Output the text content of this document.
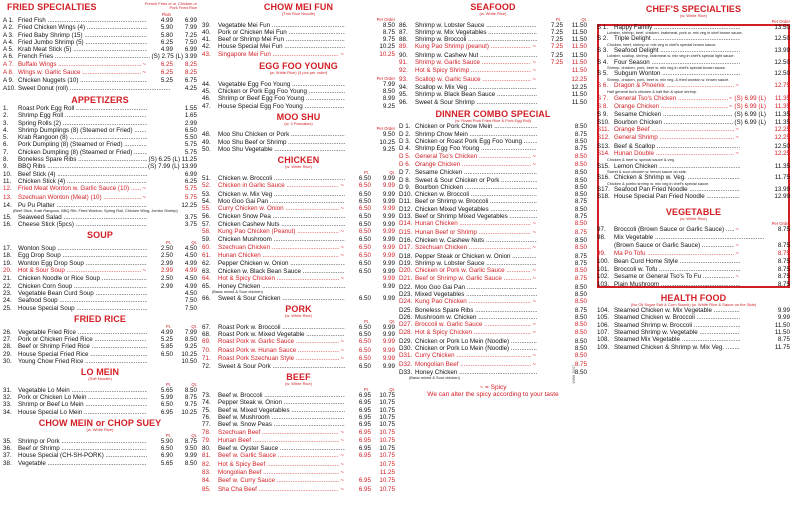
FRIED SPECIALTIES	French Fries or w. Chicken or Pork Fried Rice
Plain
A 1. Fried Fish .....	4.99	6.99
A 2. Fried Chicken Wings (4) .....	5.90	7.99
A 3. Fried Baby Shrimp (15) .....	5.80	7.25
A 4. Fried Jumbo Shrimp (5) .....	6.25	7.50
A 5. Krab Meat Stick (5) .....	4.99	6.99
A 6. French Fries .....	(S) 2.75 (L) 3.99
A 7. Buffalo Wings .....	~	6.25	8.25
A 8. Wings w. Garlic Sauce .....	~	6.25	8.25
A 9. Chicken Nuggets (10) .....	5.25	6.75
A10. Sweet Donut (roll) .....	4.25
APPETIZERS
1.	Roast Pork Egg Roll .....	1.55
2.	Shrimp Egg Roll .....	1.65
3.	Spring Rolls (2) .....	2.99
4.	Shrimp Dumplings (8) (Steamed or Fried) .....	6.50
5.	Krab Rangoon (8) .....	5.50
6.	Pork Dumpling (8) (Steamed or Fried) .....	5.75
7.	Chicken Dumpling (8) (Steamed or Fried) .....	5.75
8.	Boneless Spare Ribs .....	(S) 6.25 (L) 11.25
9.	BBQ Ribs .....	(S) 7.99 (L) 13.99
10.	Beef Stick (4) .....	6.99
11.	Chicken Stick (4) .....	6.25
12.	Fried Meat Wonton w. Garlic Sauce (10) .....	~	5.75
13.	Szechuan Wonton (Meat) (10) .....	~	5.75
14.	Pu Pu Platter .....	12.25
(Beef Stick, Krab Rangoon, BBQ Rib, Fried Wonton, Spring Roll, Chicken Wing, Jumbo Shrimp)
15.	Seaweed Salad .....	3.75
16.	Cheese Stick (5pcs) .....	3.75
SOUP
Pt.	Qt.
17.	Wonton Soup .....	2.50	4.50
18.	Egg Drop Soup .....	2.50	4.50
19.	Wonton Egg Drop Soup .....	2.99	4.99
20.	Hot & Sour Soup .....	~	2.99	4.99
21.	Chicken Noodle or Rice Soup .....	2.50	4.50
22.	Chicken Corn Soup .....	2.99	4.99
23.	Vegetable Bean Curd Soup .....	4.50
24.	Seafood Soup .....	7.50
25.	House Special Soup .....	7.50
FRIED RICE
Pt.	Qt.
26.	Vegetable Fried Rice .....	4.99	7.99
27.	Pork or Chicken Fried Rice .....	5.25	8.50
28.	Beef or Shrimp Fried Rice .....	5.85	9.25
29.	House Special Fried Rice .....	6.50	10.25
30.	Young Chow Fried Rice .....	10.50
LO MEIN
(Soft Noodle)
Pt.	Qt.
31.	Vegetable Lo Mein .....	5.65	8.50
32.	Pork or Chicken Lo Mein .....	5.99	8.75
33.	Shrimp or Beef Lo Mein .....	6.50	9.75
34.	House Special Lo Mein .....	6.95	10.25
CHOW MEIN or CHOP SUEY
(w. White Rice)
Pt.	Qt.
35.	Shrimp or Pork .....	5.90	8.75
36.	Beef or Shrimp .....	6.50	9.50
37.	House Special (CH-SH-PORK) .....	6.90	9.99
38.	Vegetable .....	5.65	8.50
CHOW MEI FUN
(Thin Rice Noodle)
Per Order
39.	Vegetable Mei Fun .....	8.50
40.	Pork or Chicken Mei Fun .....	8.75
41.	Beef or Shrimp Mei Fun .....	9.75
42.	House Special Mei Fun .....	10.25
43.	Singapore Mei Fun .....	~	10.25
EGG FOO YOUNG
(w. White Rice) (3 pcs per order)
Per Order
44.	Vegetable Egg Foo Young .....	7.99
45.	Chicken or Pork Egg Foo Young .....	8.50
46.	Shrimp or Beef Egg Foo Young .....	8.99
47.	House Special Egg Foo Young .....	9.25
MOO SHU
(w. 4 Pancakes)
Per Order
48.	Moo Shu Chicken or Pork .....	9.50
49.	Moo Shu Beef or Shrimp .....	10.25
50.	Moo Shu Vegetable .....	9.25
CHICKEN
(w. White Rice)
Pt.	Qt.
51.	Chicken w. Broccoli .....	6.50	9.99
52.	Chicken in Garlic Sauce .....	~	6.50	9.99
53.	Chicken w. Mix Veg .....	6.50	9.99
54.	Moo Goo Gai Pan .....	6.50	9.99
55.	Curry Chicken w. Onion .....	~	6.50	9.99
56.	Chicken Snow Pea .....	6.50	9.99
57.	Chicken Cashew Nuts .....	6.50	9.99
58.	Kung Pao Chicken (Peanut) .....	~	6.50	9.99
59.	Chicken Mushroom .....	6.50	9.99
60.	Szechuan Chicken .....	~	6.50	9.99
61.	Hunan Chicken .....	~	6.50	9.99
62.	Pepper Chicken w. Onion .....	6.50	9.99
63.	Chicken w. Black Bean Sauce .....	6.50	9.99
64.	Hot & Spicy Chicken .....	~	9.99
65.	Honey Chicken .....	9.99
(Basic mixed & Sour chicken)
66.	Sweet & Sour Chicken .....	6.50	9.99
PORK
(w. White Rice)
Pt.	Qt.
67.	Roast Pork w. Broccoli .....	6.50	9.99
68.	Roast Pork w. Mixed Vegetable .....	6.50	9.99
69.	Roast Pork w. Garlic Sauce .....	~	6.50	9.99
70.	Roast Pork w. Hunan Sauce .....	~	6.50	9.99
71.	Roast Pork Szechuan Style .....	~	6.50	9.99
72.	Sweet & Sour Pork .....	6.50	9.99
BEEF
(w. White Rice)
Pt.	Qt.
73.	Beef w. Broccoli .....	6.95	10.75
74.	Pepper Steak w. Onion .....	6.95	10.75
75.	Beef w. Mixed Vegetables .....	6.95	10.75
76.	Beef w. Mushroom .....	6.95	10.75
77.	Beef w. Snow Peas .....	6.95	10.75
78.	Szechuan Beef .....	~	6.95	10.75
79.	Hunan Beef .....	~	6.95	10.75
80.	Beef w. Oyster Sauce .....	6.95	10.75
81.	Beef w. Garlic Sauce .....	~	6.95	10.75
82.	Hot & Spicy Beef .....	~	10.75
83.	Mongolian Beef .....	~	11.25
84.	Beef w. Curry Sauce .....	~	6.95	10.75
85.	Sha Cha Beef .....	~	6.95	10.75
SEAFOOD
(w. White Rice)
Pt.	Qt.
86.	Shrimp w. Lobster Sauce .....	7.25	11.50
87.	Shrimp w. Mix Vegetables .....	7.25	11.50
88.	Shrimp w. Broccoli .....	7.25	11.50
89.	Kung Pao Shrimp (peanut) .....	~	7.25	11.50
90.	Shrimp w. Cashew Nut .....	7.25	11.50
91.	Shrimp w. Garlic Sauce .....	~	7.25	11.50
92.	Hot & Spicy Shrimp .....	~	11.50
93.	Scallop w. Garlic Sauce .....	~	12.25
94.	Scallop w. Mix Veg .....	12.25
95.	Shrimp w. Black Bean Sauce .....	11.50
96.	Sweet & Sour Shrimp .....	11.50
DINNER COMBO SPECIAL
(w. Roast Pork Fried Rice & Pork Egg Roll)
D 1. Chicken or Pork Chow Mein .....	8.50
D 2. Shrimp Chow Mein .....	8.75
D 3. Chicken or Roast Pork Egg Foo Young .....	8.50
D 4. Shrimp Egg Foo Young .....	8.75
D 5. General Tso's Chicken .....	~	8.50
D 6. Orange Chicken .....	~	8.50
D 7. Sesame Chicken .....	8.50
D 8. Sweet & Sour Chicken or Pork .....	8.50
D 9. Bourbon Chicken .....	8.50
D10. Chicken w. Broccoli .....	8.50
D11. Beef or Shrimp w. Broccoli .....	8.75
D12. Chicken Mixed Vegetables .....	8.50
D13. Beef or Shrimp Mixed Vegetables .....	8.75
D14. Hunan Chicken .....	~	8.50
D15. Hunan Beef or Shrimp .....	~	8.75
D16. Chicken w. Cashew Nuts .....	8.50
D17. Szechuan Chicken .....	~	8.50
D18. Pepper Steak or Chicken w. Onion .....	8.75
D19. Shrimp w. Lobster Sauce .....	8.75
D20. Chicken or Pork w. Garlic Sauce .....	~	8.50
D21. Beef or Shrimp w. Garlic Sauce .....	~	8.75
D22. Moo Goo Gai Pan .....	8.50
D23. Mixed Vegetables .....	8.50
D24. Kung Pao Chicken .....	~	8.50
D25. Boneless Spare Ribs .....	8.75
D26. Mushroom w. Chicken .....	8.50
D27. Broccoli w. Garlic Sauce .....	~	8.50
D28. Hot & Spicy Chicken .....	~	8.50
D29. Chicken or Pork Lo Mein (Noodle) .....	8.50
D30. Chicken or Pork Lo Mein (Noodle) .....	8.50
D31. Curry Chicken .....	~	8.50
D32. Mongolian Beef .....	~	8.75
D33. Honey Chicken .....	8.50
(Basic mixed & Sour chicken)
~ = Spicy
We can alter the spicy according to your taste
CHEF'S SPECIALTIES
(w. White Rice)
Per Order
S 1. Happy Family .....	13.50
Lobster, shrimp, beef, chicken, krabmeat, pork w. mix veg in chef brown sauce.
S 2. Triple Delight .....	12.50
Chicken, beef, shrimp w. mix veg in chef's special brown sauce.
S 3. Seafood Delight .....	13.99
Lobster, scallop, shrimp, krabmeat w. mix veg in chef's special light sauce.
S 4. Four Season .....	12.50
Shrimp, chicken, pork, beef w. mix veg in chef's special brown sauce.
S 5. Subgum Wonton .....	12.50
Shrimp, chicken, pork, beef w. mix veg. & fried wonton w. brown sauce.
S 6. Dragon & Phoenix .....	~	12.75
Half general tso's chicken & half fish & spice shrimp.
S 7. General Tso's Chicken .....	~ (S) 6.99 (L)	11.35
S 8. Orange Chicken .....	~ (S) 6.99 (L)	11.35
S 9. Sesame Chicken .....	(S) 6.99 (L)	11.35
S10. Bourbon Chicken .....	(S) 6.99 (L)	11.35
S11. Orange Beef .....	~	12.25
S12. General Shrimp .....	~	12.25
S13. Beef & Scallop .....	12.50
S14. Hunan Double .....	~	12.25
Chicken & beef w. special sauce & veg.
S15. Lemon Chicken .....	11.35
Sweet & sour chicken w. lemon sauce on side.
S16. Chicken & Shrimp w. Veg. .....	11.75
Chicken & jumbo shrimp w. mix veg in chef's special sauce.
S17. Seafood Pan Fried Noodle .....	13.99
S18. House Special Pan Fried Noodle .....	12.99
VEGETABLE
(w. White Rice)
Per Order
97.	Broccoli (Brown Sauce or Garlic Sauce) .....	~	8.75
98.	Mix Vegetable .....
(Brown Sauce or Garlic Sauce) .....	~	8.75
99.	Ma Po Tofu .....	~	8.75
100. Bean Curd Home Style .....	8.75
101. Broccoli w. Tofu .....	8.75
102. Sesame or General Tso's To Fu .....	~	8.75
103. Plain Mushroom .....	8.75
HEALTH FOOD
(No Oil Sugar Salt & Corn Starch) (w. White Rice & Sauce on the Side)
104. Steamed Chicken w. Mix Vegetable .....	9.99
105. Steamed Chicken w. Broccoli .....	9.99
106. Steamed Shrimp w. Broccoli .....	11.50
107. Steamed Shrimp w. Vegetable .....	11.50
108. Steamed Mix Vegetable .....	8.75
109. Steamed Chicken & Shrimp w. Mix Veg. .....	11.75
WW6 11/17
